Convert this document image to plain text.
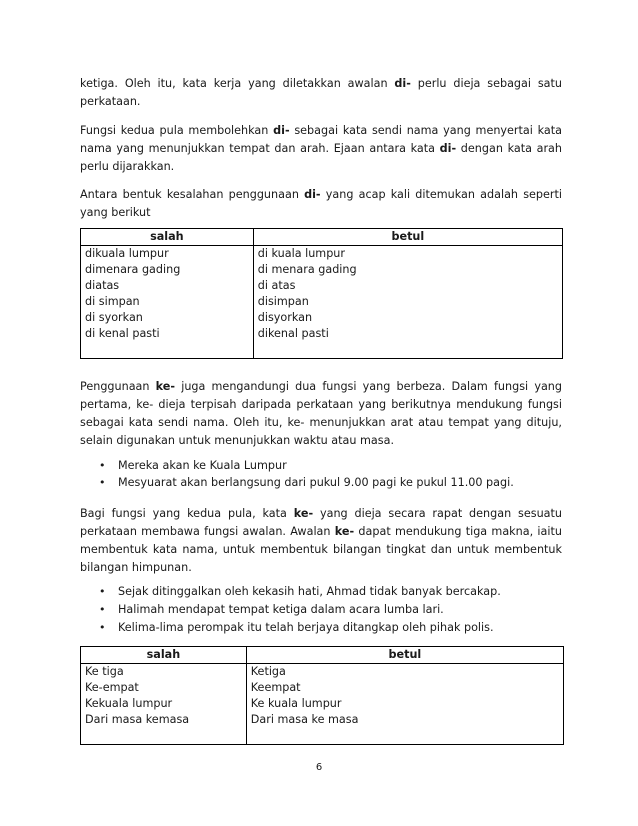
ketiga. Oleh itu, kata kerja yang diletakkan awalan di- perlu dieja sebagai satu perkataan.

Fungsi kedua pula membolehkan di- sebagai kata sendi nama yang menyertai kata nama yang menunjukkan tempat dan arah. Ejaan antara kata di- dengan kata arah perlu dijarakkan.

Antara bentuk kesalahan penggunaan di- yang acap kali ditemukan adalah seperti yang berikut

salah	betul
dikuala lumpur	di kuala lumpur
dimenara gading	di menara gading
diatas	di atas
di simpan	disimpan
di syorkan	disyorkan
di kenal pasti	dikenal pasti

Penggunaan ke- juga mengandungi dua fungsi yang berbeza. Dalam fungsi yang pertama, ke- dieja terpisah daripada perkataan yang berikutnya mendukung fungsi sebagai kata sendi nama. Oleh itu, ke- menunjukkan arat atau tempat yang dituju, selain digunakan untuk menunjukkan waktu atau masa.

• Mereka akan ke Kuala Lumpur
• Mesyuarat akan berlangsung dari pukul 9.00 pagi ke pukul 11.00 pagi.

Bagi fungsi yang kedua pula, kata ke- yang dieja secara rapat dengan sesuatu perkataan membawa fungsi awalan. Awalan ke- dapat mendukung tiga makna, iaitu membentuk kata nama, untuk membentuk bilangan tingkat dan untuk membentuk bilangan himpunan.

• Sejak ditinggalkan oleh kekasih hati, Ahmad tidak banyak bercakap.
• Halimah mendapat tempat ketiga dalam acara lumba lari.
• Kelima-lima perompak itu telah berjaya ditangkap oleh pihak polis.
salah	betul
Ke tiga	Ketiga
Ke-empat	Keempat
Kekuala lumpur	Ke kuala lumpur
Dari masa kemasa	Dari masa ke masa

6
